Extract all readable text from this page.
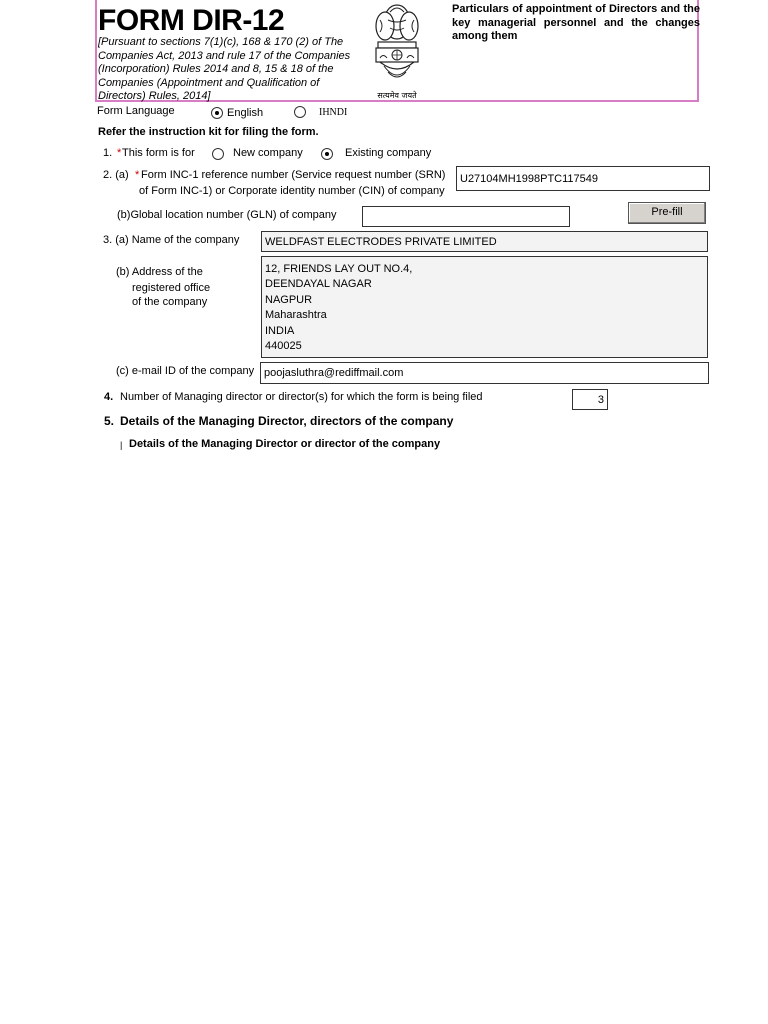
FORM DIR-12
[Pursuant to sections 7(1)(c), 168 & 170 (2) of The Companies Act, 2013 and rule 17 of the Companies (Incorporation) Rules 2014 and 8, 15 & 18 of the Companies (Appointment and Qualification of Directors) Rules, 2014]	सत्यमेव जयते
Particulars of appointment of Directors and the key managerial personnel and the changes among them
Form Language	English	IHNDI
Refer the instruction kit for filing the form.
1. * This form is for	New company	Existing company
2. (a) * Form INC-1 reference number (Service request number (SRN)
of Form INC-1) or Corporate identity number (CIN) of company
U27104MH1998PTC117549
(b)Global location number (GLN) of company	Pre-fill
3. (a) Name of the company	WELDFAST ELECTRODES PRIVATE LIMITED
(b) Address of the
registered office
of the company
12, FRIENDS LAY OUT NO.4,
DEENDAYAL NAGAR
NAGPUR
Maharashtra
INDIA
440025
(c) e-mail ID of the company poojasluthra@rediffmail.com
4. Number of Managing director or director(s) for which the form is being filed	3
5. Details of the Managing Director, directors of the company
| Details of the Managing Director or director of the company
